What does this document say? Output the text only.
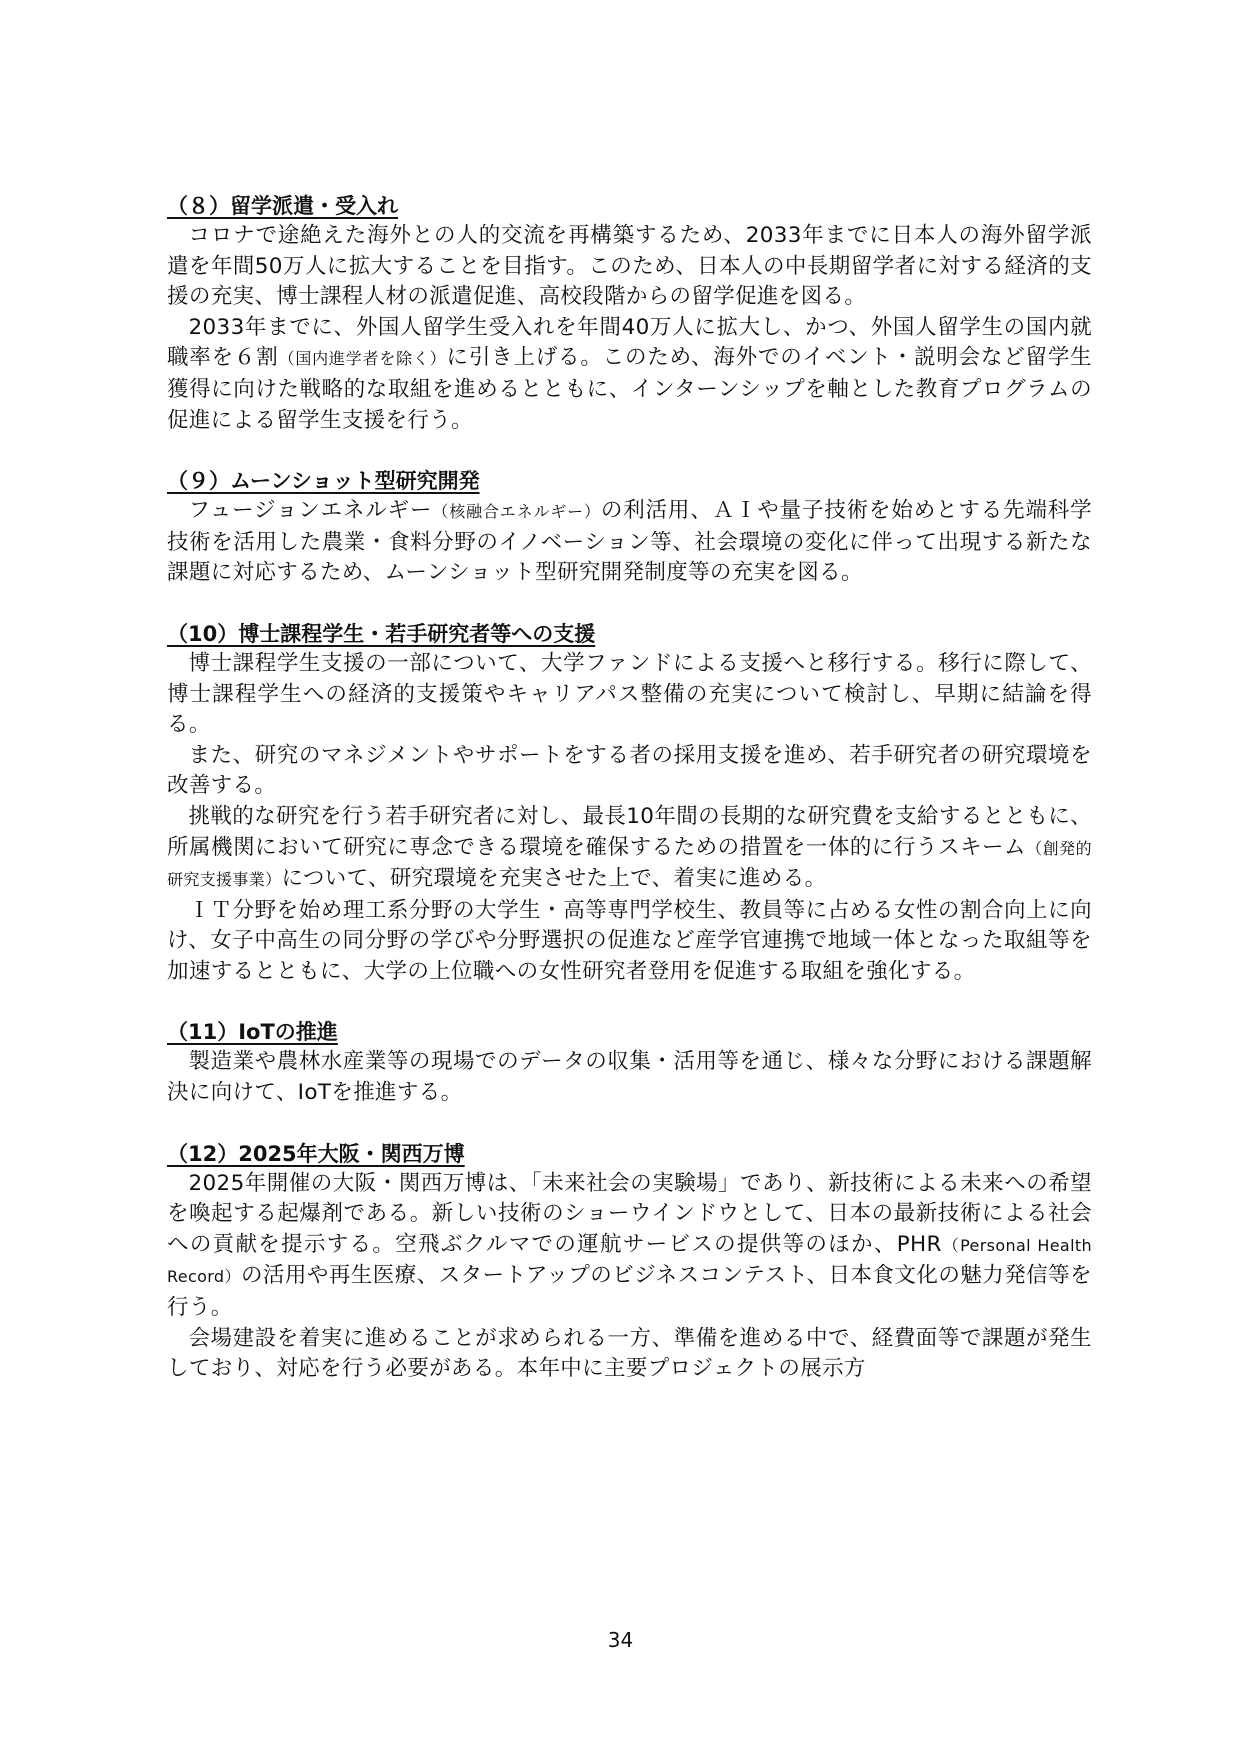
（８）留学派遣・受入れ

コロナで途絶えた海外との人的交流を再構築するため、2033年までに日本人の海外留学派遣を年間50万人に拡大することを目指す。このため、日本人の中長期留学者に対する経済的支援の充実、博士課程人材の派遣促進、高校段階からの留学促進を図る。

2033年までに、外国人留学生受入れを年間40万人に拡大し、かつ、外国人留学生の国内就職率を６割（国内進学者を除く）に引き上げる。このため、海外でのイベント・説明会など留学生獲得に向けた戦略的な取組を進めるとともに、インターンシップを軸とした教育プログラムの促進による留学生支援を行う。

（９）ムーンショット型研究開発

フュージョンエネルギー（核融合エネルギー）の利活用、ＡＩや量子技術を始めとする先端科学技術を活用した農業・食料分野のイノベーション等、社会環境の変化に伴って出現する新たな課題に対応するため、ムーンショット型研究開発制度等の充実を図る。

（10）博士課程学生・若手研究者等への支援

博士課程学生支援の一部について、大学ファンドによる支援へと移行する。移行に際して、博士課程学生への経済的支援策やキャリアパス整備の充実について検討し、早期に結論を得る。

また、研究のマネジメントやサポートをする者の採用支援を進め、若手研究者の研究環境を改善する。

挑戦的な研究を行う若手研究者に対し、最長10年間の長期的な研究費を支給するとともに、所属機関において研究に専念できる環境を確保するための措置を一体的に行うスキーム（創発的研究支援事業）について、研究環境を充実させた上で、着実に進める。

ＩＴ分野を始め理工系分野の大学生・高等専門学校生、教員等に占める女性の割合向上に向け、女子中高生の同分野の学びや分野選択の促進など産学官連携で地域一体となった取組等を加速するとともに、大学の上位職への女性研究者登用を促進する取組を強化する。

（11）IoTの推進

製造業や農林水産業等の現場でのデータの収集・活用等を通じ、様々な分野における課題解決に向けて、IoTを推進する。

（12）2025年大阪・関西万博

2025年開催の大阪・関西万博は、「未来社会の実験場」であり、新技術による未来への希望を喚起する起爆剤である。新しい技術のショーウインドウとして、日本の最新技術による社会への貢献を提示する。空飛ぶクルマでの運航サービスの提供等のほか、PHR（Personal Health Record）の活用や再生医療、スタートアップのビジネスコンテスト、日本食文化の魅力発信等を行う。

会場建設を着実に進めることが求められる一方、準備を進める中で、経費面等で課題が発生しており、対応を行う必要がある。本年中に主要プロジェクトの展示方

34
